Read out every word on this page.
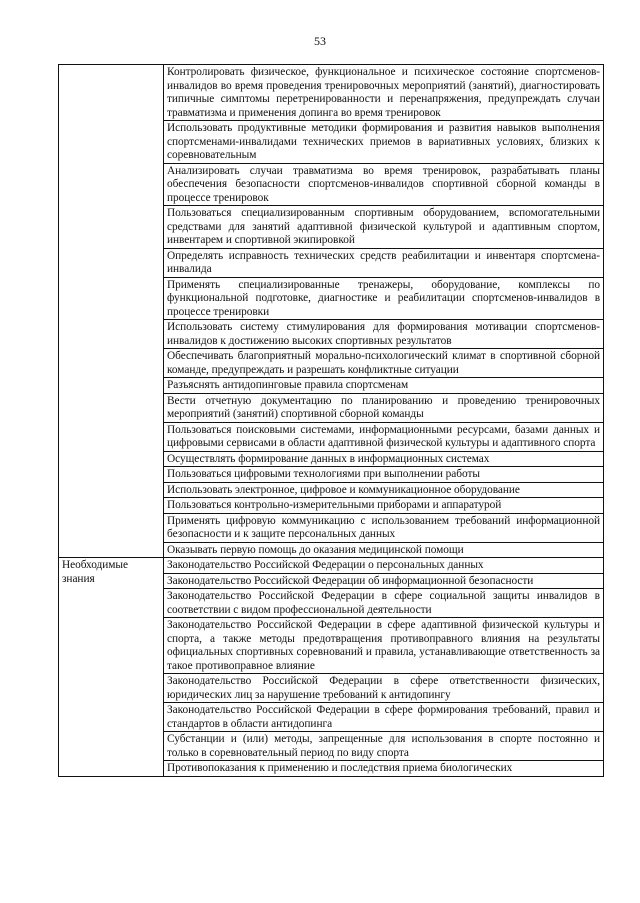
53
	Контролировать физическое, функциональное и психическое состояние спортсменов-инвалидов во время проведения тренировочных мероприятий (занятий), диагностировать типичные симптомы перетренированности и перенапряжения, предупреждать случаи травматизма и применения допинга во время тренировок
	Использовать продуктивные методики формирования и развития навыков выполнения спортсменами-инвалидами технических приемов в вариативных условиях, близких к соревновательным
	Анализировать случаи травматизма во время тренировок, разрабатывать планы обеспечения безопасности спортсменов-инвалидов спортивной сборной команды в процессе тренировок
	Пользоваться специализированным спортивным оборудованием, вспомогательными средствами для занятий адаптивной физической культурой и адаптивным спортом, инвентарем и спортивной экипировкой
	Определять исправность технических средств реабилитации и инвентаря спортсмена-инвалида
	Применять специализированные тренажеры, оборудование, комплексы по функциональной подготовке, диагностике и реабилитации спортсменов-инвалидов в процессе тренировки
	Использовать систему стимулирования для формирования мотивации спортсменов-инвалидов к достижению высоких спортивных результатов
	Обеспечивать благоприятный морально-психологический климат в спортивной сборной команде, предупреждать и разрешать конфликтные ситуации
	Разъяснять антидопинговые правила спортсменам
	Вести отчетную документацию по планированию и проведению тренировочных мероприятий (занятий) спортивной сборной команды
	Пользоваться поисковыми системами, информационными ресурсами, базами данных и цифровыми сервисами в области адаптивной физической культуры и адаптивного спорта
	Осуществлять формирование данных в информационных системах
	Пользоваться цифровыми технологиями при выполнении работы
	Использовать электронное, цифровое и коммуникационное оборудование
	Пользоваться контрольно-измерительными приборами и аппаратурой
	Применять цифровую коммуникацию с использованием требований информационной безопасности и к защите персональных данных
	Оказывать первую помощь до оказания медицинской помощи

Необходимые знания	Законодательство Российской Федерации о персональных данных
	Законодательство Российской Федерации об информационной безопасности
	Законодательство Российской Федерации в сфере социальной защиты инвалидов в соответствии с видом профессиональной деятельности
	Законодательство Российской Федерации в сфере адаптивной физической культуры и спорта, а также методы предотвращения противоправного влияния на результаты официальных спортивных соревнований и правила, устанавливающие ответственность за такое противоправное влияние
	Законодательство Российской Федерации в сфере ответственности физических, юридических лиц за нарушение требований к антидопингу
	Законодательство Российской Федерации в сфере формирования требований, правил и стандартов в области антидопинга
	Субстанции и (или) методы, запрещенные для использования в спорте постоянно и только в соревновательный период по виду спорта

	Противопоказания к применению и последствия приема биологических
